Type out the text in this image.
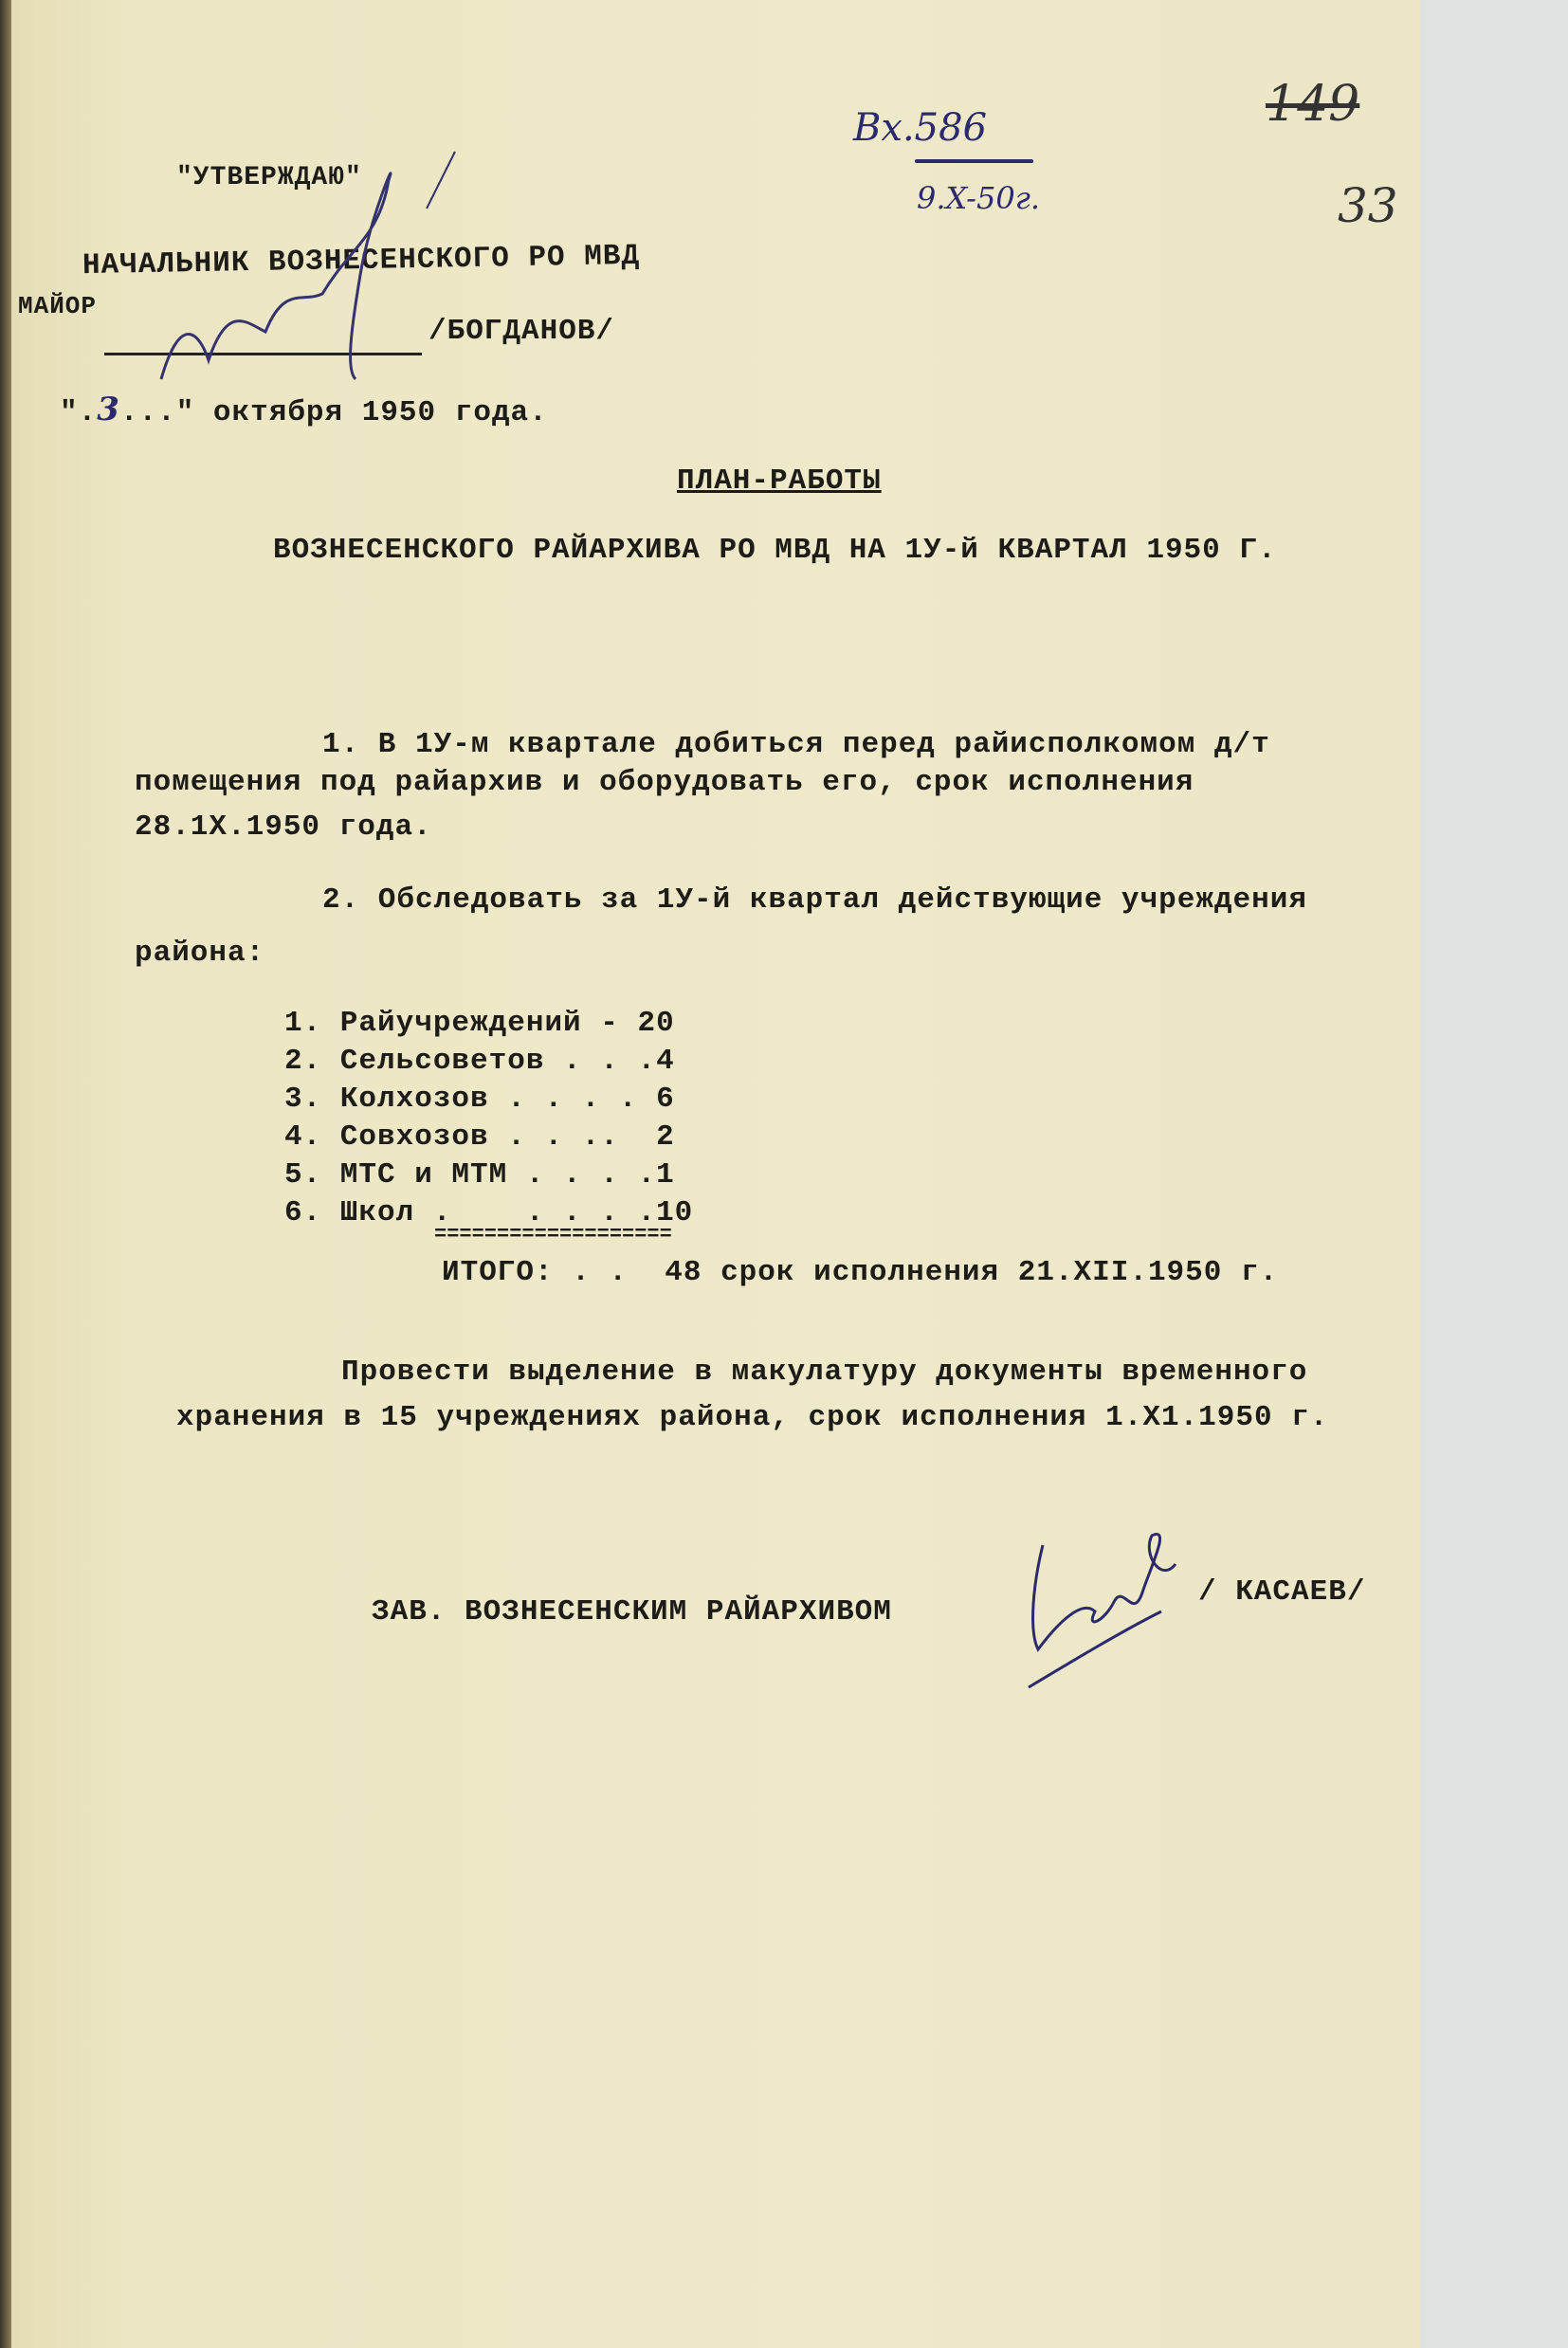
"УТВЕРЖДАЮ"
НАЧАЛЬНИК ВОЗНЕСЕНСКОГО РО МВД
МАЙОР
/БОГДАНОВ/
".3..." октября 1950 года.
Вх.586
9.X-50г.
149
33
ПЛАН-РАБОТЫ
ВОЗНЕСЕНСКОГО РАЙАРХИВА РО МВД НА 1У-й КВАРТАЛ 1950 Г.
1. В 1У-м квартале добиться перед райисполкомом д/т
помещения под райархив и оборудовать его, срок исполнения
28.1Х.1950 года.
2. Обследовать за 1У-й квартал действующие учреждения
района:
1. Райучреждений - 20
2. Сельсоветов . . .4
3. Колхозов . . . . 6
4. Совхозов . . .. 2
5. МТС и МТМ . . . .1
6. Школ .    . . . .10
===================
ИТОГО: . . 48 срок исполнения 21.XII.1950 г.
Провести выделение в макулатуру документы временного
хранения в 15 учреждениях района, срок исполнения 1.Х1.1950 г.
ЗАВ. ВОЗНЕСЕНСКИМ РАЙАРХИВОМ
/ КАСАЕВ/
